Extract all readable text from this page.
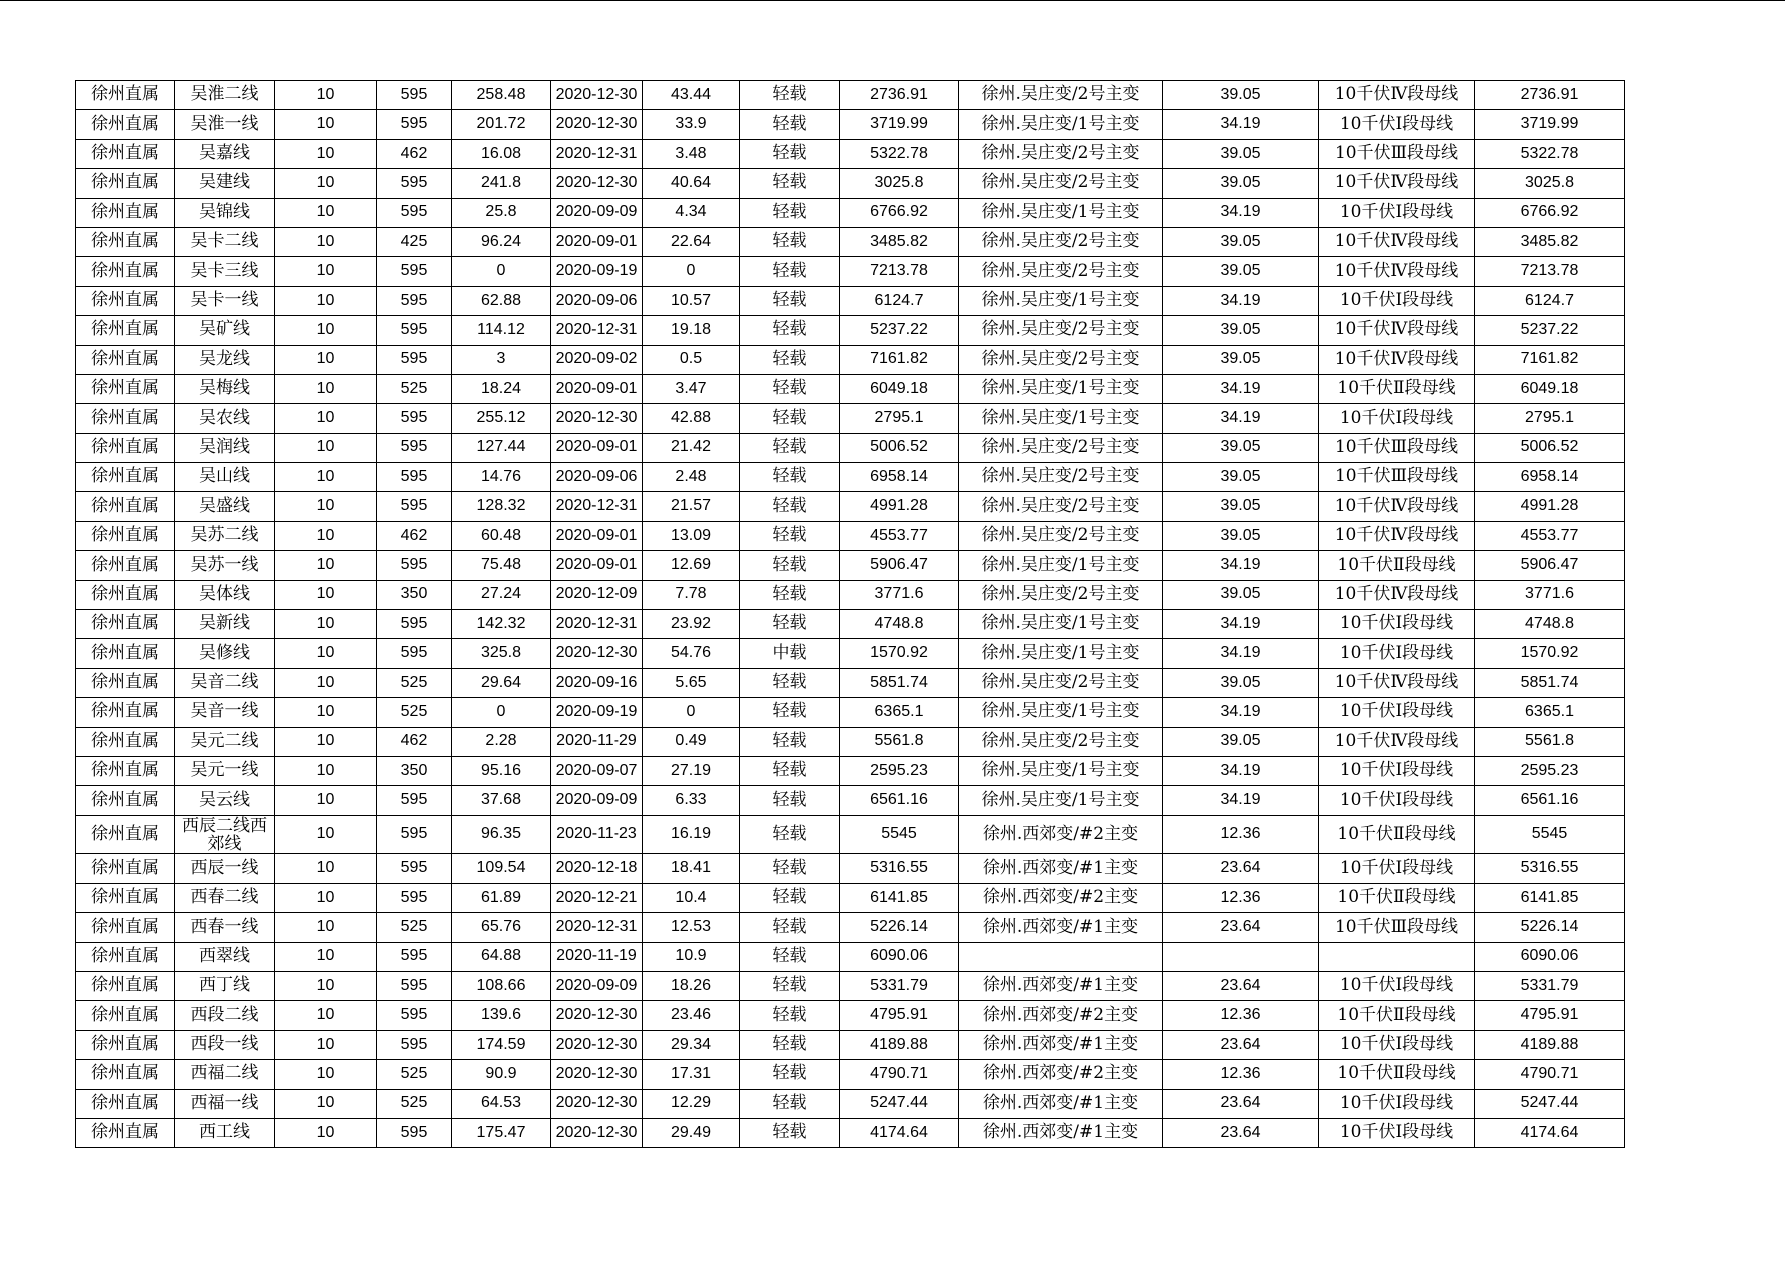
徐州直属	吴淮二线	10	595	258.48	2020-12-30	43.44	轻载	2736.91	徐州.吴庄变/2号主变	39.05	10千伏Ⅳ段母线	2736.91
徐州直属	吴淮一线	10	595	201.72	2020-12-30	33.9	轻载	3719.99	徐州.吴庄变/1号主变	34.19	10千伏Ⅰ段母线	3719.99
徐州直属	吴嘉线	10	462	16.08	2020-12-31	3.48	轻载	5322.78	徐州.吴庄变/2号主变	39.05	10千伏Ⅲ段母线	5322.78
徐州直属	吴建线	10	595	241.8	2020-12-30	40.64	轻载	3025.8	徐州.吴庄变/2号主变	39.05	10千伏Ⅳ段母线	3025.8
徐州直属	吴锦线	10	595	25.8	2020-09-09	4.34	轻载	6766.92	徐州.吴庄变/1号主变	34.19	10千伏Ⅰ段母线	6766.92
徐州直属	吴卡二线	10	425	96.24	2020-09-01	22.64	轻载	3485.82	徐州.吴庄变/2号主变	39.05	10千伏Ⅳ段母线	3485.82
徐州直属	吴卡三线	10	595	0	2020-09-19	0	轻载	7213.78	徐州.吴庄变/2号主变	39.05	10千伏Ⅳ段母线	7213.78
徐州直属	吴卡一线	10	595	62.88	2020-09-06	10.57	轻载	6124.7	徐州.吴庄变/1号主变	34.19	10千伏Ⅰ段母线	6124.7
徐州直属	吴矿线	10	595	114.12	2020-12-31	19.18	轻载	5237.22	徐州.吴庄变/2号主变	39.05	10千伏Ⅳ段母线	5237.22
徐州直属	吴龙线	10	595	3	2020-09-02	0.5	轻载	7161.82	徐州.吴庄变/2号主变	39.05	10千伏Ⅳ段母线	7161.82
徐州直属	吴梅线	10	525	18.24	2020-09-01	3.47	轻载	6049.18	徐州.吴庄变/1号主变	34.19	10千伏Ⅱ段母线	6049.18
徐州直属	吴农线	10	595	255.12	2020-12-30	42.88	轻载	2795.1	徐州.吴庄变/1号主变	34.19	10千伏Ⅰ段母线	2795.1
徐州直属	吴润线	10	595	127.44	2020-09-01	21.42	轻载	5006.52	徐州.吴庄变/2号主变	39.05	10千伏Ⅲ段母线	5006.52
徐州直属	吴山线	10	595	14.76	2020-09-06	2.48	轻载	6958.14	徐州.吴庄变/2号主变	39.05	10千伏Ⅲ段母线	6958.14
徐州直属	吴盛线	10	595	128.32	2020-12-31	21.57	轻载	4991.28	徐州.吴庄变/2号主变	39.05	10千伏Ⅳ段母线	4991.28
徐州直属	吴苏二线	10	462	60.48	2020-09-01	13.09	轻载	4553.77	徐州.吴庄变/2号主变	39.05	10千伏Ⅳ段母线	4553.77
徐州直属	吴苏一线	10	595	75.48	2020-09-01	12.69	轻载	5906.47	徐州.吴庄变/1号主变	34.19	10千伏Ⅱ段母线	5906.47
徐州直属	吴体线	10	350	27.24	2020-12-09	7.78	轻载	3771.6	徐州.吴庄变/2号主变	39.05	10千伏Ⅳ段母线	3771.6
徐州直属	吴新线	10	595	142.32	2020-12-31	23.92	轻载	4748.8	徐州.吴庄变/1号主变	34.19	10千伏Ⅰ段母线	4748.8
徐州直属	吴修线	10	595	325.8	2020-12-30	54.76	中载	1570.92	徐州.吴庄变/1号主变	34.19	10千伏Ⅰ段母线	1570.92
徐州直属	吴音二线	10	525	29.64	2020-09-16	5.65	轻载	5851.74	徐州.吴庄变/2号主变	39.05	10千伏Ⅳ段母线	5851.74
徐州直属	吴音一线	10	525	0	2020-09-19	0	轻载	6365.1	徐州.吴庄变/1号主变	34.19	10千伏Ⅰ段母线	6365.1
徐州直属	吴元二线	10	462	2.28	2020-11-29	0.49	轻载	5561.8	徐州.吴庄变/2号主变	39.05	10千伏Ⅳ段母线	5561.8
徐州直属	吴元一线	10	350	95.16	2020-09-07	27.19	轻载	2595.23	徐州.吴庄变/1号主变	34.19	10千伏Ⅰ段母线	2595.23
徐州直属	吴云线	10	595	37.68	2020-09-09	6.33	轻载	6561.16	徐州.吴庄变/1号主变	34.19	10千伏Ⅰ段母线	6561.16
徐州直属	西辰二线西郊线	10	595	96.35	2020-11-23	16.19	轻载	5545	徐州.西郊变/#2主变	12.36	10千伏Ⅱ段母线	5545
徐州直属	西辰一线	10	595	109.54	2020-12-18	18.41	轻载	5316.55	徐州.西郊变/#1主变	23.64	10千伏Ⅰ段母线	5316.55
徐州直属	西春二线	10	595	61.89	2020-12-21	10.4	轻载	6141.85	徐州.西郊变/#2主变	12.36	10千伏Ⅱ段母线	6141.85
徐州直属	西春一线	10	525	65.76	2020-12-31	12.53	轻载	5226.14	徐州.西郊变/#1主变	23.64	10千伏Ⅲ段母线	5226.14
徐州直属	西翠线	10	595	64.88	2020-11-19	10.9	轻载	6090.06				6090.06
徐州直属	西丁线	10	595	108.66	2020-09-09	18.26	轻载	5331.79	徐州.西郊变/#1主变	23.64	10千伏Ⅰ段母线	5331.79
徐州直属	西段二线	10	595	139.6	2020-12-30	23.46	轻载	4795.91	徐州.西郊变/#2主变	12.36	10千伏Ⅱ段母线	4795.91
徐州直属	西段一线	10	595	174.59	2020-12-30	29.34	轻载	4189.88	徐州.西郊变/#1主变	23.64	10千伏Ⅰ段母线	4189.88
徐州直属	西福二线	10	525	90.9	2020-12-30	17.31	轻载	4790.71	徐州.西郊变/#2主变	12.36	10千伏Ⅱ段母线	4790.71
徐州直属	西福一线	10	525	64.53	2020-12-30	12.29	轻载	5247.44	徐州.西郊变/#1主变	23.64	10千伏Ⅰ段母线	5247.44
徐州直属	西工线	10	595	175.47	2020-12-30	29.49	轻载	4174.64	徐州.西郊变/#1主变	23.64	10千伏Ⅰ段母线	4174.64
